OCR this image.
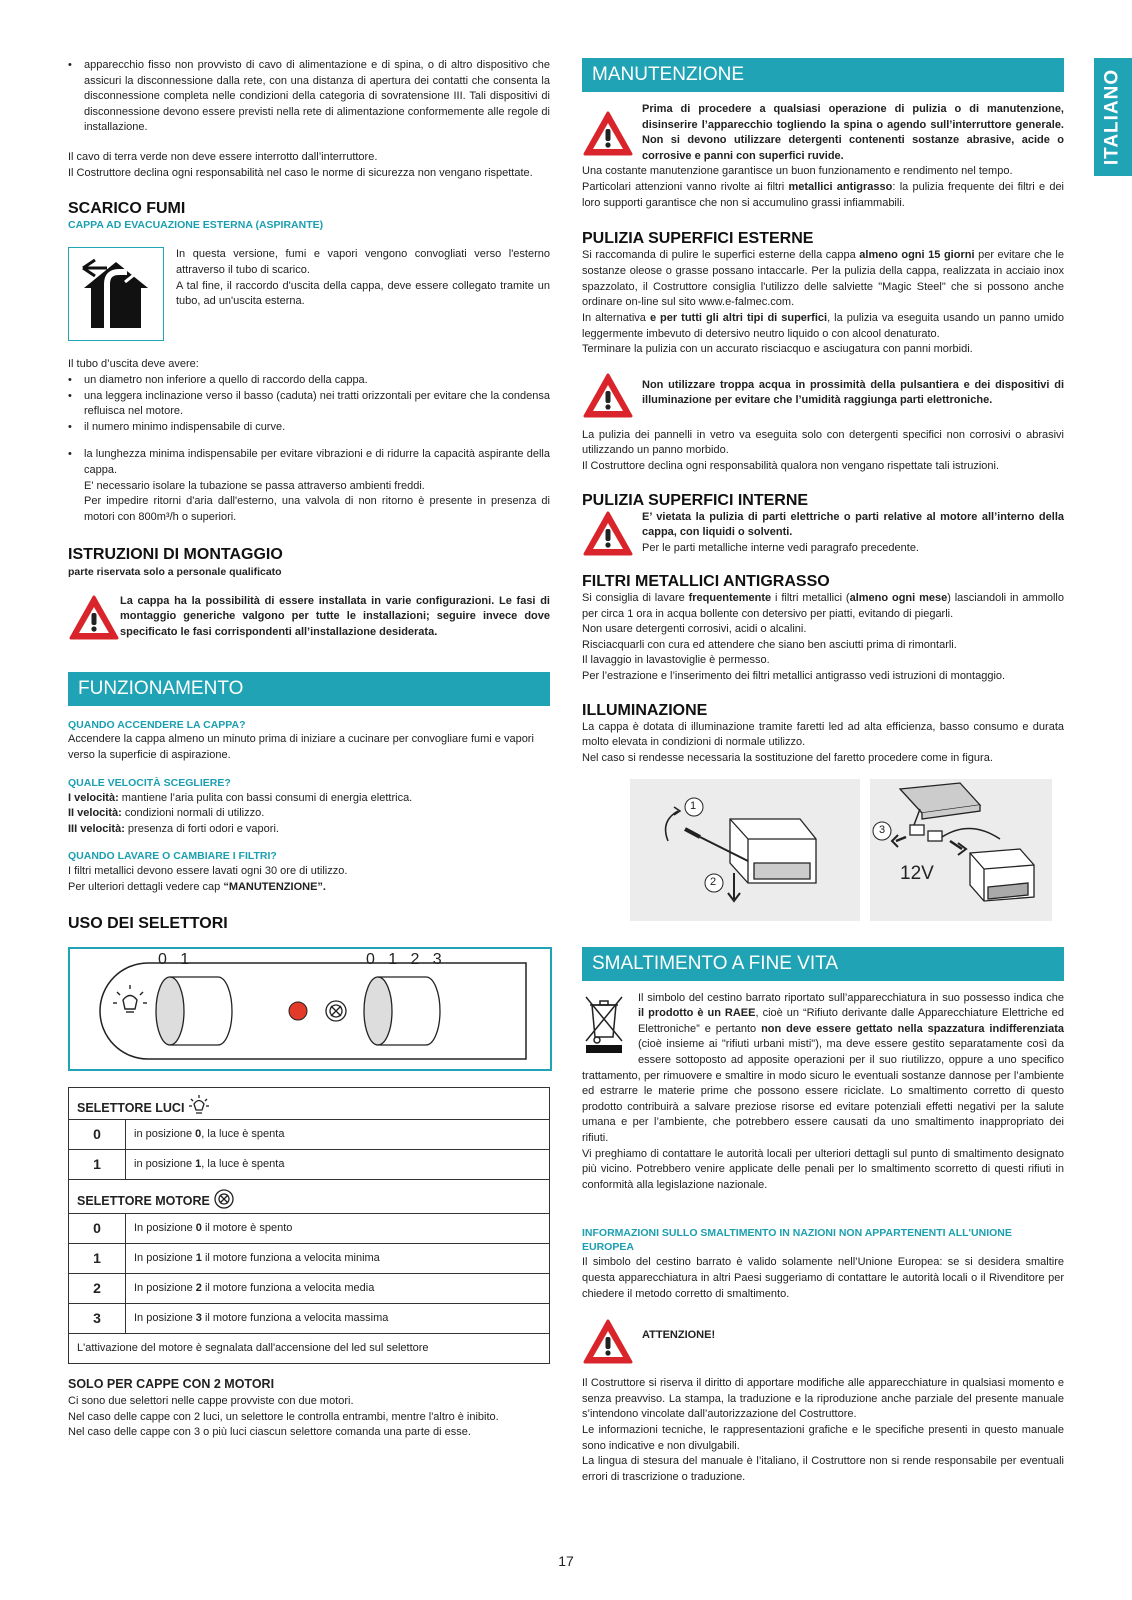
ITALIANO
• apparecchio fisso non provvisto di cavo di alimentazione e di spina, o di altro dispositivo che assicuri la disconnessione dalla rete, con una distanza di apertura dei contatti che consenta la disconnessione completa nelle condizioni della categoria di sovratensione III. Tali dispositivi di disconnessione devono essere previsti nella rete di alimentazione conformemente alle regole di installazione.

Il cavo di terra verde non deve essere interrotto dall’interruttore.

Il Costruttore declina ogni responsabilità nel caso le norme di sicurezza non vengano rispettate.

SCARICO FUMI
CAPPA AD EVACUAZIONE ESTERNA (ASPIRANTE)

In questa versione, fumi e vapori vengono convogliati verso l'esterno attraverso il tubo di scarico.

A tal fine, il raccordo d'uscita della cappa, deve essere collegato tramite un tubo, ad un'uscita esterna.

Il tubo d’uscita deve avere:

• un diametro non inferiore a quello di raccordo della cappa.
• una leggera inclinazione verso il basso (caduta) nei tratti orizzontali per evitare che la condensa refluisca nel motore.
• il numero minimo indispensabile di curve.
• la lunghezza minima indispensabile per evitare vibrazioni e di ridurre la capacità aspirante della cappa.
E' necessario isolare la tubazione se passa attraverso ambienti freddi.
Per impedire ritorni d'aria dall'esterno, una valvola di non ritorno è presente in presenza di motori con 800m³/h o superiori.
ISTRUZIONI DI MONTAGGIO
parte riservata solo a personale qualificato

La cappa ha la possibilità di essere installata in varie configurazioni. Le fasi di montaggio generiche valgono per tutte le installazioni; seguire invece dove specificato le fasi corrispondenti all’installazione desiderata.

FUNZIONAMENTO
QUANDO ACCENDERE LA CAPPA?

Accendere la cappa almeno un minuto prima di iniziare a cucinare per convogliare fumi e vapori verso la superficie di aspirazione.

QUALE VELOCITÀ SCEGLIERE?

I velocità: mantiene l’aria pulita con bassi consumi di energia elettrica.

II velocità: condizioni normali di utilizzo.

III velocità: presenza di forti odori e vapori.

QUANDO LAVARE O CAMBIARE I FILTRI?

I filtri metallici devono essere lavati ogni 30 ore di utilizzo.

Per ulteriori dettagli vedere cap “MANUTENZIONE”.

USO DEI SELETTORI
0   1	0   1   2   3
SELETTORE LUCI
0	in posizione 0, la luce è spenta
1	in posizione 1, la luce è spenta
SELETTORE MOTORE
0	In posizione 0 il motore è spento
1	In posizione 1 il motore funziona a velocita minima
2	In posizione 2 il motore funziona a velocita media
3	In posizione 3 il motore funziona a velocita massima
L'attivazione del motore è segnalata dall'accensione del led sul selettore	
SOLO PER CAPPE CON 2 MOTORI

Ci sono due selettori nelle cappe provviste con due motori.

Nel caso delle cappe con 2 luci, un selettore le controlla entrambi, mentre l'altro è inibito.

Nel caso delle cappe con 3 o più luci ciascun selettore comanda una parte di esse.

MANUTENZIONE

Prima di procedere a qualsiasi operazione di pulizia o di manutenzione, disinserire l’apparecchio togliendo la spina o agendo sull’interruttore generale. Non si devono utilizzare detergenti contenenti sostanze abrasive, acide o corrosive e panni con superfici ruvide.

Una costante manutenzione garantisce un buon funzionamento e rendimento nel tempo.

Particolari attenzioni vanno rivolte ai filtri metallici antigrasso: la pulizia frequente dei filtri e dei loro supporti garantisce che non si accumulino grassi infiammabili.

PULIZIA SUPERFICI ESTERNE

Si raccomanda di pulire le superfici esterne della cappa almeno ogni 15 giorni per evitare che le sostanze oleose o grasse possano intaccarle. Per la pulizia della cappa, realizzata in acciaio inox spazzolato, il Costruttore consiglia l'utilizzo delle salviette "Magic Steel" che si possono anche ordinare on-line sul sito www.e-falmec.com.

In alternativa e per tutti gli altri tipi di superfici, la pulizia va eseguita usando un panno umido leggermente imbevuto di detersivo neutro liquido o con alcool denaturato.

Terminare la pulizia con un accurato risciacquo e asciugatura con panni morbidi.

Non utilizzare troppa acqua in prossimità della pulsantiera e dei dispositivi di illuminazione per evitare che l’umidità raggiunga parti elettroniche.

La pulizia dei pannelli in vetro va eseguita solo con detergenti specifici non corrosivi o abrasivi utilizzando un panno morbido.

Il Costruttore declina ogni responsabilità qualora non vengano rispettate tali istruzioni.

PULIZIA SUPERFICI INTERNE

E’ vietata la pulizia di parti elettriche o parti relative al motore all’interno della cappa, con liquidi o solventi.

Per le parti metalliche interne vedi paragrafo precedente.

FILTRI METALLICI ANTIGRASSO

Si consiglia di lavare frequentemente i filtri metallici (almeno ogni mese) lasciandoli in ammollo per circa 1 ora in acqua bollente con detersivo per piatti, evitando di piegarli.

Non usare detergenti corrosivi, acidi o alcalini.

Risciacquarli con cura ed attendere che siano ben asciutti prima di rimontarli.

Il lavaggio in lavastoviglie è permesso.

Per l’estrazione e l’inserimento dei filtri metallici antigrasso vedi istruzioni di montaggio.

ILLUMINAZIONE

La cappa è dotata di illuminazione tramite faretti led ad alta efficienza, basso consumo e durata molto elevata in condizioni di normale utilizzo.

Nel caso si rendesse necessaria la sostituzione del faretto procedere come in figura.

1
2
3
12V
SMALTIMENTO A FINE VITA

Il simbolo del cestino barrato riportato sull’apparecchiatura in suo possesso indica che il prodotto è un RAEE, cioè un “Rifiuto derivante dalle Apparecchiature Elettriche ed Elettroniche” e pertanto non deve essere gettato nella spazzatura indifferenziata (cioè insieme ai "rifiuti urbani misti"), ma deve essere gestito separatamente così da essere sottoposto ad apposite operazioni per il suo riutilizzo, oppure a uno specifico trattamento, per rimuovere e smaltire in modo sicuro le eventuali sostanze dannose per l’ambiente ed estrarre le materie prime che possono essere riciclate. Lo smaltimento corretto di questo prodotto contribuirà a salvare preziose risorse ed evitare potenziali effetti negativi per la salute umana e per l’ambiente, che potrebbero essere causati da uno smaltimento inappropriato dei rifiuti.

Vi preghiamo di contattare le autorità locali per ulteriori dettagli sul punto di smaltimento designato più vicino. Potrebbero venire applicate delle penali per lo smaltimento scorretto di questi rifiuti in conformità alla legislazione nazionale.

INFORMAZIONI SULLO SMALTIMENTO IN NAZIONI NON APPARTENENTI ALL'UNIONE EUROPEA

Il simbolo del cestino barrato è valido solamente nell’Unione Europea: se si desidera smaltire questa apparecchiatura in altri Paesi suggeriamo di contattare le autorità locali o il Rivenditore per chiedere il metodo corretto di smaltimento.

ATTENZIONE!

Il Costruttore si riserva il diritto di apportare modifiche alle apparecchiature in qualsiasi momento e senza preavviso. La stampa, la traduzione e la riproduzione anche parziale del presente manuale s’intendono vincolate dall’autorizzazione del Costruttore.

Le informazioni tecniche, le rappresentazioni grafiche e le specifiche presenti in questo manuale sono indicative e non divulgabili.

La lingua di stesura del manuale è l’italiano, il Costruttore non si rende responsabile per eventuali errori di trascrizione o traduzione.

17
